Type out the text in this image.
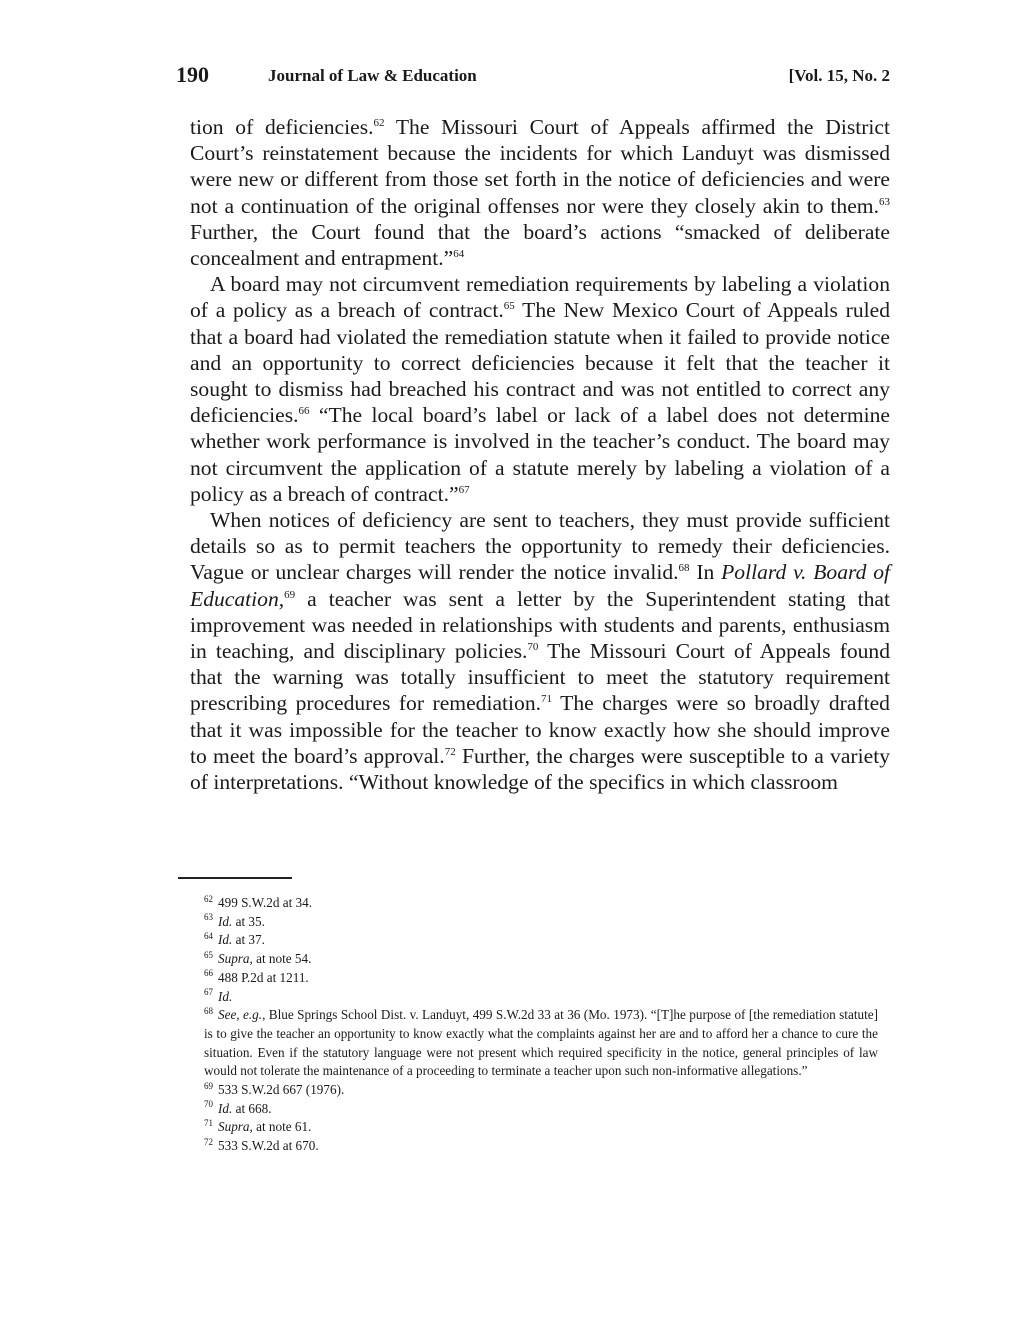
190	Journal of Law & Education	[Vol. 15, No. 2

tion of deficiencies.$^{62}$ The Missouri Court of Appeals affirmed the District Court’s reinstatement because the incidents for which Landuyt was dismissed were new or different from those set forth in the notice of deficiencies and were not a continuation of the original offenses nor were they closely akin to them.$^{63}$ Further, the Court found that the board’s actions “smacked of deliberate concealment and entrapment.”$^{64}$

A board may not circumvent remediation requirements by labeling a violation of a policy as a breach of contract.$^{65}$ The New Mexico Court of Appeals ruled that a board had violated the remediation statute when it failed to provide notice and an opportunity to correct deficiencies because it felt that the teacher it sought to dismiss had breached his contract and was not entitled to correct any deficiencies.$^{66}$ “The local board’s label or lack of a label does not determine whether work performance is involved in the teacher’s conduct. The board may not circumvent the application of a statute merely by labeling a violation of a policy as a breach of contract.”$^{67}$

When notices of deficiency are sent to teachers, they must provide sufficient details so as to permit teachers the opportunity to remedy their deficiencies. Vague or unclear charges will render the notice invalid.$^{68}$ In Pollard v. Board of Education,$^{69}$ a teacher was sent a letter by the Superintendent stating that improvement was needed in relationships with students and parents, enthusiasm in teaching, and disciplinary policies.$^{70}$ The Missouri Court of Appeals found that the warning was totally insufficient to meet the statutory requirement prescribing procedures for remediation.$^{71}$ The charges were so broadly drafted that it was impossible for the teacher to know exactly how she should improve to meet the board’s approval.$^{72}$ Further, the charges were susceptible to a variety of interpretations. “Without knowledge of the specifics in which classroom

$^{62}$ 499 S.W.2d at 34.

$^{63}$ Id. at 35.

$^{64}$ Id. at 37.

$^{65}$ Supra, at note 54.

$^{66}$ 488 P.2d at 1211.

$^{67}$ Id.

$^{68}$ See, e.g., Blue Springs School Dist. v. Landuyt, 499 S.W.2d 33 at 36 (Mo. 1973). “[T]he purpose of [the remediation statute] is to give the teacher an opportunity to know exactly what the complaints against her are and to afford her a chance to cure the situation. Even if the statutory language were not present which required specificity in the notice, general principles of law would not tolerate the maintenance of a proceeding to terminate a teacher upon such non-informative allegations.”

$^{69}$ 533 S.W.2d 667 (1976).

$^{70}$ Id. at 668.

$^{71}$ Supra, at note 61.

$^{72}$ 533 S.W.2d at 670.
